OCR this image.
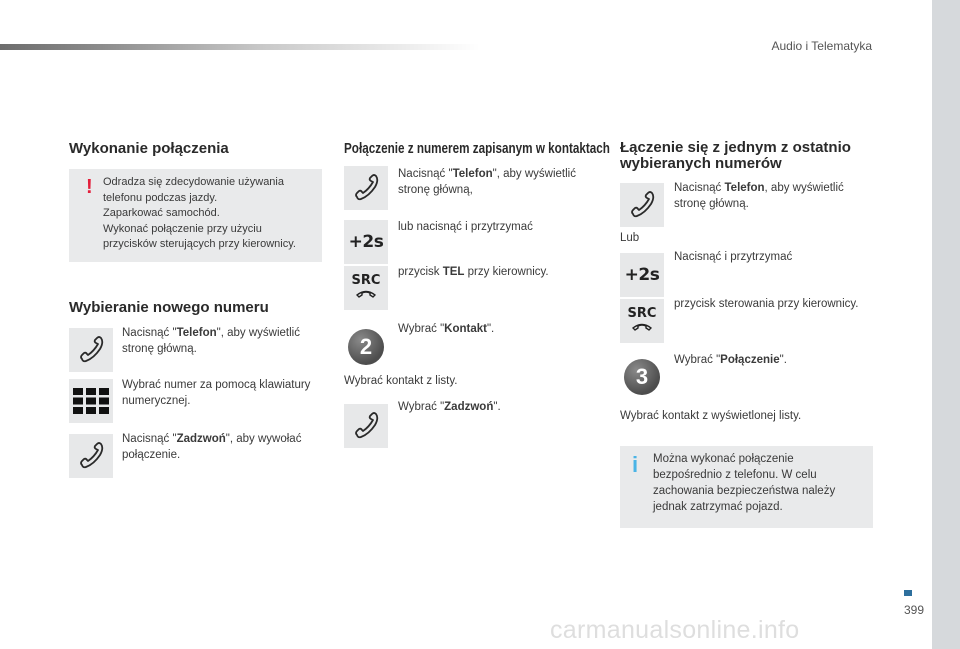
Audio i Telematyka
399
carmanualsonline.info
Wykonanie połączenia
! Odradza się zdecydowanie używania
telefonu podczas jazdy.
Zaparkować samochód.
Wykonać połączenie przy użyciu
przycisków sterujących przy kierownicy.
Wybieranie nowego numeru
Nacisnąć "Telefon", aby wyświetlić
stronę główną.
Wybrać numer za pomocą klawiatury
numerycznej.
Nacisnąć "Zadzwoń", aby wywołać
połączenie.
Połączenie z numerem zapisanym w kontaktach
Nacisnąć "Telefon", aby wyświetlić
stronę główną,
+2s
lub nacisnąć i przytrzymać
SRC
przycisk TEL przy kierownicy.
2
Wybrać "Kontakt".
Wybrać kontakt z listy.
Wybrać "Zadzwoń".
Łączenie się z jednym z ostatnio
wybieranych numerów
Nacisnąć Telefon, aby wyświetlić
stronę główną.
Lub
+2s
Nacisnąć i przytrzymać
SRC
przycisk sterowania przy kierownicy.
3
Wybrać "Połączenie".
Wybrać kontakt z wyświetlonej listy.
i Można wykonać połączenie
bezpośrednio z telefonu. W celu
zachowania bezpieczeństwa należy
jednak zatrzymać pojazd.
